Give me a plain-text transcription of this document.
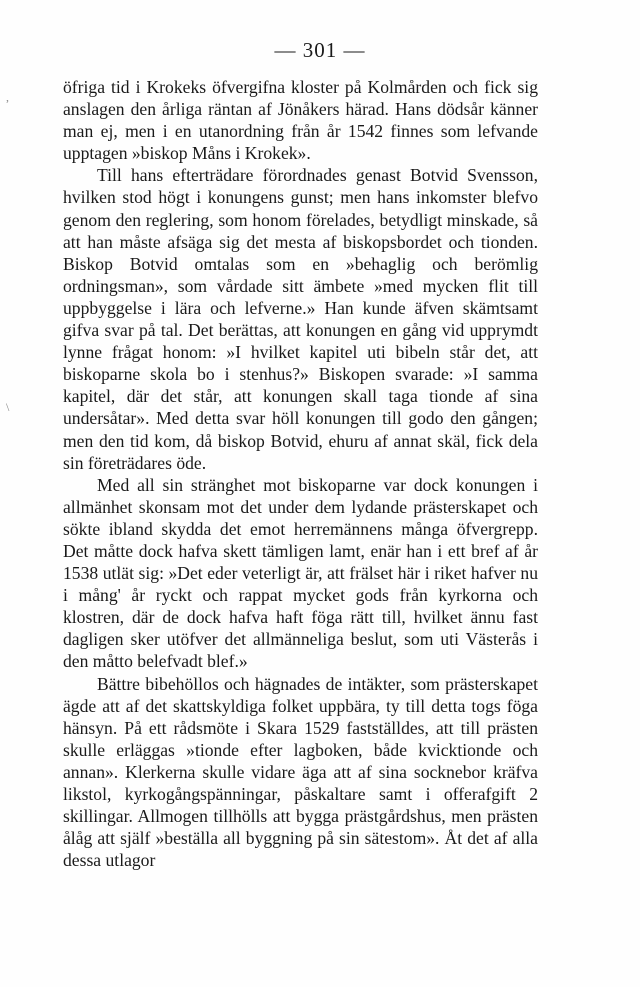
— 301 —
,
\

öfriga tid i Krokeks öfvergifna kloster på Kolmården och fick sig anslagen den årliga räntan af Jönåkers härad. Hans dödsår känner man ej, men i en utanordning från år 1542 finnes som lefvande upptagen »biskop Måns i Krokek».

Till hans efterträdare förordnades genast Botvid Svensson, hvilken stod högt i konungens gunst; men hans inkomster blefvo genom den reglering, som honom förelades, betydligt minskade, så att han måste afsäga sig det mesta af biskopsbordet och tionden. Biskop Botvid omtalas som en »behaglig och berömlig ordningsman», som vårdade sitt ämbete »med mycken flit till uppbyggelse i lära och lefverne.» Han kunde äfven skämtsamt gifva svar på tal. Det berättas, att konungen en gång vid upprymdt lynne frågat honom: »I hvilket kapitel uti bibeln står det, att biskoparne skola bo i stenhus?» Biskopen svarade: »I samma kapitel, där det står, att konungen skall taga tionde af sina undersåtar». Med detta svar höll konungen till godo den gången; men den tid kom, då biskop Botvid, ehuru af annat skäl, fick dela sin företrädares öde.

Med all sin stränghet mot biskoparne var dock konungen i allmänhet skonsam mot det under dem lydande prästerskapet och sökte ibland skydda det emot herremännens många öfvergrepp. Det måtte dock hafva skett tämligen lamt, enär han i ett bref af år 1538 utlät sig: »Det eder veterligt är, att frälset här i riket hafver nu i mång' år ryckt och rappat mycket gods från kyrkorna och klostren, där de dock hafva haft föga rätt till, hvilket ännu fast dagligen sker utöfver det allmänneliga beslut, som uti Västerås i den måtto belefvadt blef.»

Bättre bibehöllos och hägnades de intäkter, som prästerskapet ägde att af det skattskyldiga folket uppbära, ty till detta togs föga hänsyn. På ett rådsmöte i Skara 1529 fastställdes, att till prästen skulle erläggas »tionde efter lagboken, både kvicktionde och annan». Klerkerna skulle vidare äga att af sina socknebor kräfva likstol, kyrkogångspänningar, påskaltare samt i offerafgift 2 skillingar. Allmogen tillhölls att bygga prästgårdshus, men prästen ålåg att själf »beställa all byggning på sin sätestom». Åt det af alla dessa utlagor
